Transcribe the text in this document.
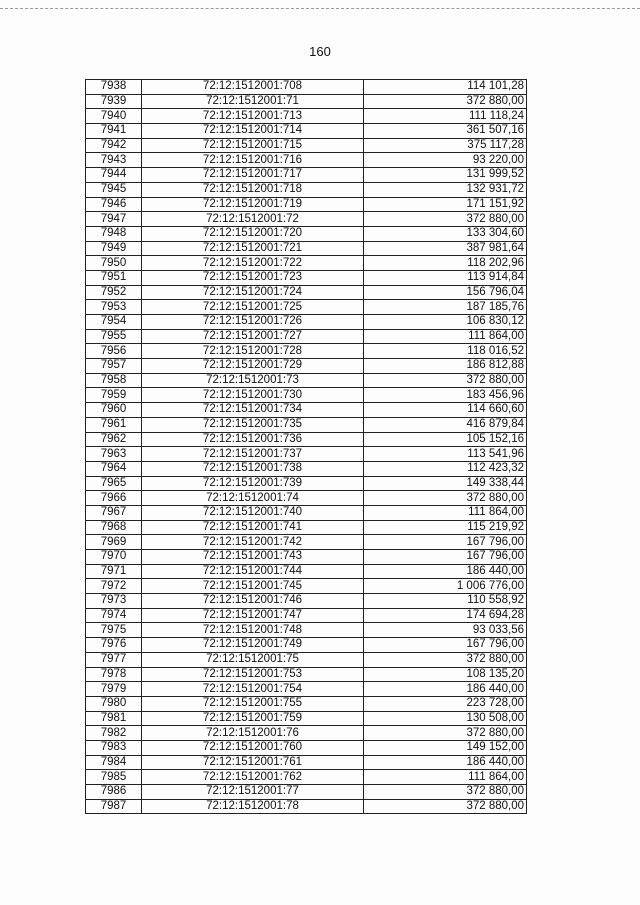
160
7938	72:12:1512001:708	114 101,28
7939	72:12:1512001:71	372 880,00
7940	72:12:1512001:713	111 118,24
7941	72:12:1512001:714	361 507,16
7942	72:12:1512001:715	375 117,28
7943	72:12:1512001:716	93 220,00
7944	72:12:1512001:717	131 999,52
7945	72:12:1512001:718	132 931,72
7946	72:12:1512001:719	171 151,92
7947	72:12:1512001:72	372 880,00
7948	72:12:1512001:720	133 304,60
7949	72:12:1512001:721	387 981,64
7950	72:12:1512001:722	118 202,96
7951	72:12:1512001:723	113 914,84
7952	72:12:1512001:724	156 796,04
7953	72:12:1512001:725	187 185,76
7954	72:12:1512001:726	106 830,12
7955	72:12:1512001:727	111 864,00
7956	72:12:1512001:728	118 016,52
7957	72:12:1512001:729	186 812,88
7958	72:12:1512001:73	372 880,00
7959	72:12:1512001:730	183 456,96
7960	72:12:1512001:734	114 660,60
7961	72:12:1512001:735	416 879,84
7962	72:12:1512001:736	105 152,16
7963	72:12:1512001:737	113 541,96
7964	72:12:1512001:738	112 423,32
7965	72:12:1512001:739	149 338,44
7966	72:12:1512001:74	372 880,00
7967	72:12:1512001:740	111 864,00
7968	72:12:1512001:741	115 219,92
7969	72:12:1512001:742	167 796,00
7970	72:12:1512001:743	167 796,00
7971	72:12:1512001:744	186 440,00
7972	72:12:1512001:745	1 006 776,00
7973	72:12:1512001:746	110 558,92
7974	72:12:1512001:747	174 694,28
7975	72:12:1512001:748	93 033,56
7976	72:12:1512001:749	167 796,00
7977	72:12:1512001:75	372 880,00
7978	72:12:1512001:753	108 135,20
7979	72:12:1512001:754	186 440,00
7980	72:12:1512001:755	223 728,00
7981	72:12:1512001:759	130 508,00
7982	72:12:1512001:76	372 880,00
7983	72:12:1512001:760	149 152,00
7984	72:12:1512001:761	186 440,00
7985	72:12:1512001:762	111 864,00
7986	72:12:1512001:77	372 880,00
7987	72:12:1512001:78	372 880,00
